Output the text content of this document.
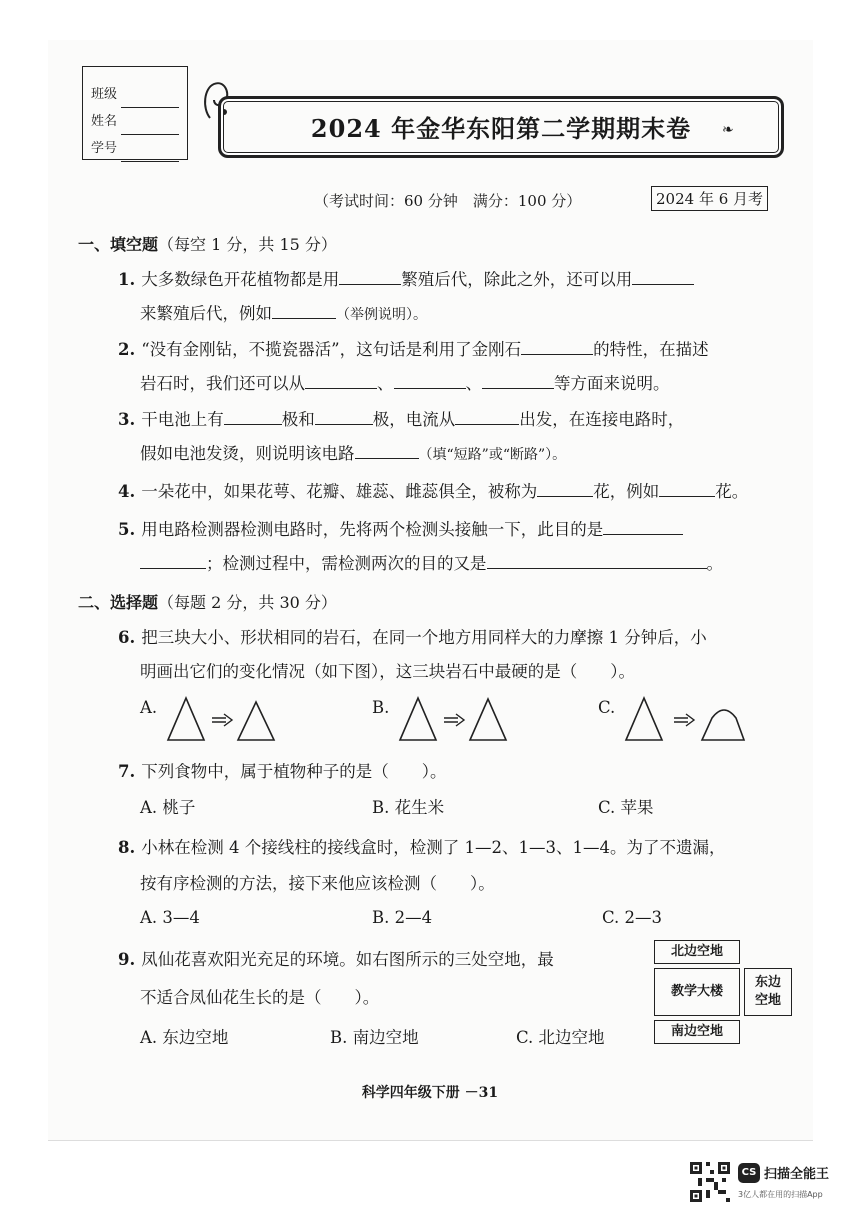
班级
姓名
学号
2024 年金华东阳第二学期期末卷	❧
（考试时间：60 分钟　满分：100 分）	2024 年 6 月考
一、填空题（每空 1 分，共 15 分）
1. 大多数绿色开花植物都是用	繁殖后代，除此之外，还可以用
来繁殖后代，例如	（举例说明）。
2. “没有金刚钻，不揽瓷器活”，这句话是利用了金刚石	的特性，在描述
岩石时，我们还可以从	、	、	等方面来说明。
3. 干电池上有	极和	极，电流从	出发，在连接电路时，
假如电池发烫，则说明该电路	（填“短路”或“断路”）。
4. 一朵花中，如果花萼、花瓣、雄蕊、雌蕊俱全，被称为	花，例如	花。
5. 用电路检测器检测电路时，先将两个检测头接触一下，此目的是
；检测过程中，需检测两次的目的又是	。
二、选择题（每题 2 分，共 30 分）
6. 把三块大小、形状相同的岩石，在同一个地方用同样大的力摩擦 1 分钟后，小
明画出它们的变化情况（如下图），这三块岩石中最硬的是（　　）。
A.	B.	C.
7. 下列食物中，属于植物种子的是（　　）。
A. 桃子	B. 花生米	C. 苹果
8. 小林在检测 4 个接线柱的接线盒时，检测了 1—2、1—3、1—4。为了不遗漏，
按有序检测的方法，接下来他应该检测（　　）。
A. 3—4	B. 2—4	C. 2—3
9. 凤仙花喜欢阳光充足的环境。如右图所示的三处空地，最
不适合凤仙花生长的是（　　）。
A. 东边空地	B. 南边空地	C. 北边空地
北边空地
教学大楼
东边
空地
南边空地
科学四年级下册 －31
CS 扫描全能王
3亿人都在用的扫描App
